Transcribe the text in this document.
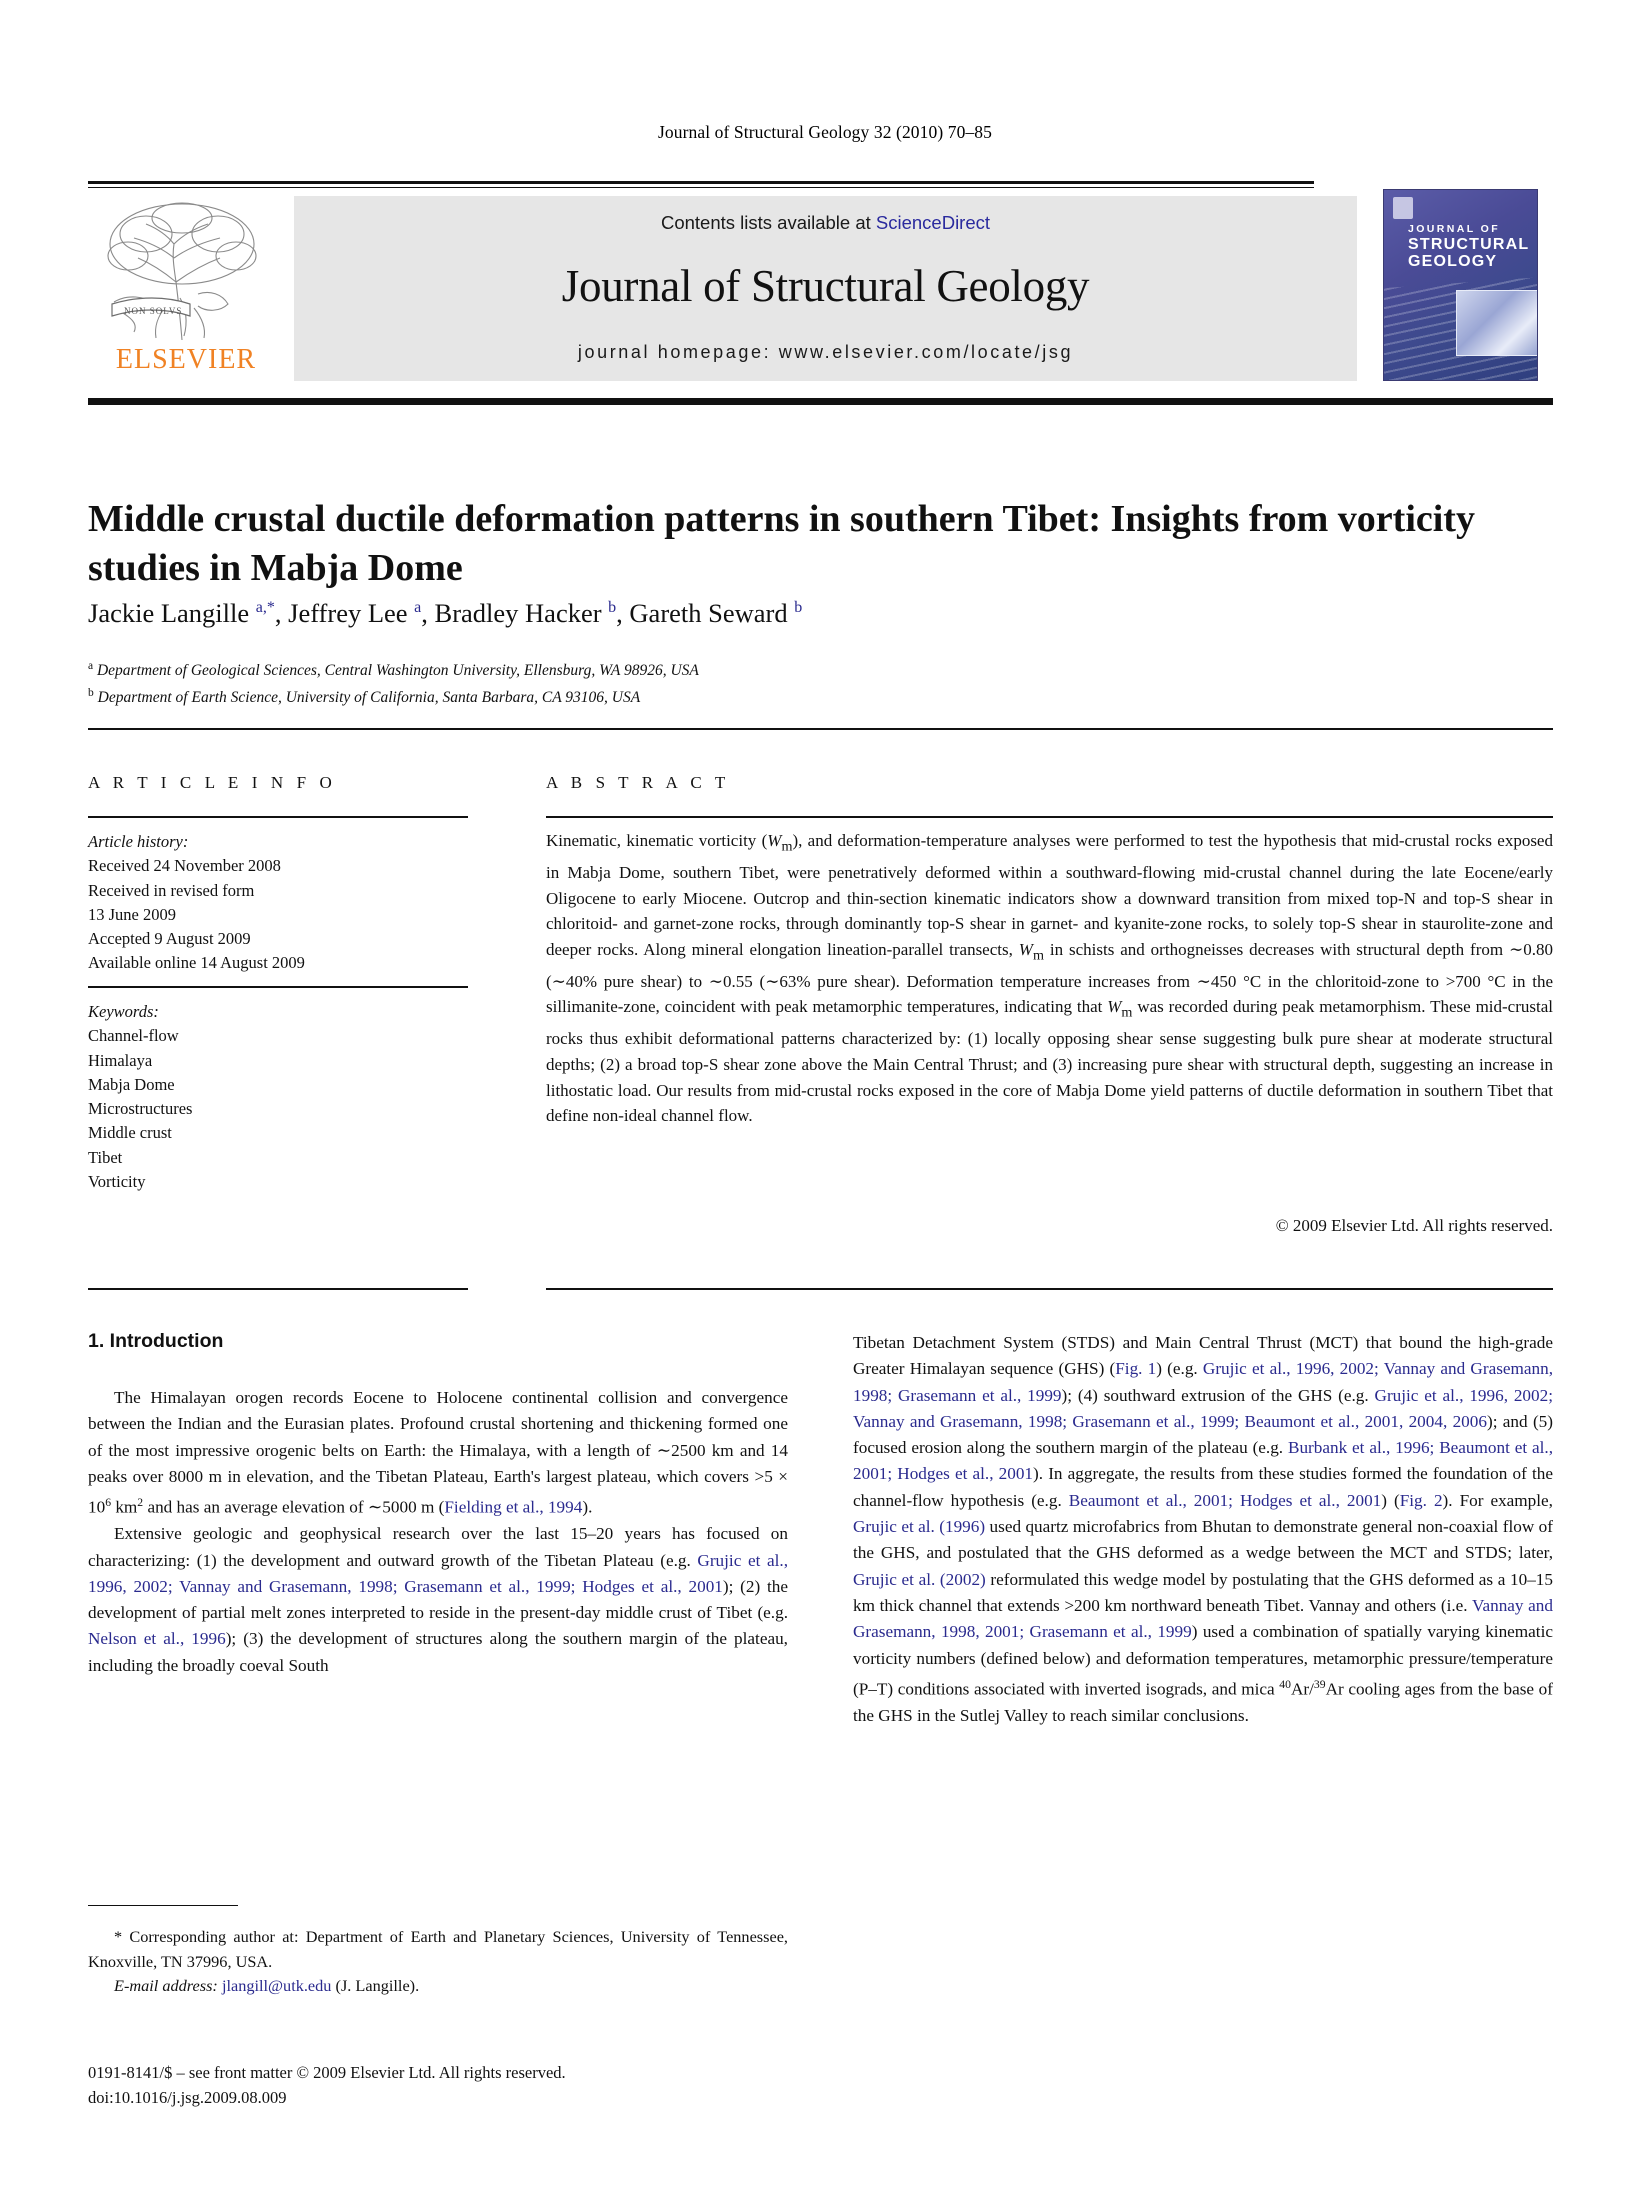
Journal of Structural Geology 32 (2010) 70–85
NON SOLVS
ELSEVIER
Contents lists available at ScienceDirect
Journal of Structural Geology
journal homepage: www.elsevier.com/locate/jsg
JOURNAL OF
STRUCTURAL GEOLOGY
Middle crustal ductile deformation patterns in southern Tibet: Insights from vorticity studies in Mabja Dome
Jackie Langille $^{a,*}$, Jeffrey Lee $^a$, Bradley Hacker $^b$, Gareth Seward $^b$
$^a$ Department of Geological Sciences, Central Washington University, Ellensburg, WA 98926, USA
$^b$ Department of Earth Science, University of California, Santa Barbara, CA 93106, USA
A R T I C L E I N F O	A B S T R A C T
Article history:
Received 24 November 2008
Received in revised form
13 June 2009
Accepted 9 August 2009
Available online 14 August 2009
Keywords:
Channel-flow
Himalaya
Mabja Dome
Microstructures
Middle crust
Tibet
Vorticity
Kinematic, kinematic vorticity $(W_m)$, and deformation-temperature analyses were performed to test the hypothesis that mid-crustal rocks exposed in Mabja Dome, southern Tibet, were penetratively deformed within a southward-flowing mid-crustal channel during the late Eocene/early Oligocene to early Miocene. Outcrop and thin-section kinematic indicators show a downward transition from mixed top-N and top-S shear in chloritoid- and garnet-zone rocks, through dominantly top-S shear in garnet- and kyanite-zone rocks, to solely top-S shear in staurolite-zone and deeper rocks. Along mineral elongation lineation-parallel transects, $W_m$ in schists and orthogneisses decreases with structural depth from ∼0.80 (∼40% pure shear) to ∼0.55 (∼63% pure shear). Deformation temperature increases from ∼450 °C in the chloritoid-zone to >700 °C in the sillimanite-zone, coincident with peak metamorphic temperatures, indicating that $W_m$ was recorded during peak metamorphism. These mid-crustal rocks thus exhibit deformational patterns characterized by: (1) locally opposing shear sense suggesting bulk pure shear at moderate structural depths; (2) a broad top-S shear zone above the Main Central Thrust; and (3) increasing pure shear with structural depth, suggesting an increase in lithostatic load. Our results from mid-crustal rocks exposed in the core of Mabja Dome yield patterns of ductile deformation in southern Tibet that define non-ideal channel flow.
© 2009 Elsevier Ltd. All rights reserved.
1. Introduction

The Himalayan orogen records Eocene to Holocene continental collision and convergence between the Indian and the Eurasian plates. Profound crustal shortening and thickening formed one of the most impressive orogenic belts on Earth: the Himalaya, with a length of ∼2500 km and 14 peaks over 8000 m in elevation, and the Tibetan Plateau, Earth's largest plateau, which covers $>5 \times 10^6$ $km^2$ and has an average elevation of ∼5000 m (Fielding et al., 1994).

Extensive geologic and geophysical research over the last 15–20 years has focused on characterizing: (1) the development and outward growth of the Tibetan Plateau (e.g. Grujic et al., 1996, 2002; Vannay and Grasemann, 1998; Grasemann et al., 1999; Hodges et al., 2001); (2) the development of partial melt zones interpreted to reside in the present-day middle crust of Tibet (e.g. Nelson et al., 1996); (3) the development of structures along the southern margin of the plateau, including the broadly coeval South

Tibetan Detachment System (STDS) and Main Central Thrust (MCT) that bound the high-grade Greater Himalayan sequence (GHS) (Fig. 1) (e.g. Grujic et al., 1996, 2002; Vannay and Grasemann, 1998; Grasemann et al., 1999); (4) southward extrusion of the GHS (e.g. Grujic et al., 1996, 2002; Vannay and Grasemann, 1998; Grasemann et al., 1999; Beaumont et al., 2001, 2004, 2006); and (5) focused erosion along the southern margin of the plateau (e.g. Burbank et al., 1996; Beaumont et al., 2001; Hodges et al., 2001). In aggregate, the results from these studies formed the foundation of the channel-flow hypothesis (e.g. Beaumont et al., 2001; Hodges et al., 2001) (Fig. 2). For example, Grujic et al. (1996) used quartz microfabrics from Bhutan to demonstrate general non-coaxial flow of the GHS, and postulated that the GHS deformed as a wedge between the MCT and STDS; later, Grujic et al. (2002) reformulated this wedge model by postulating that the GHS deformed as a 10–15 km thick channel that extends >200 km northward beneath Tibet. Vannay and others (i.e. Vannay and Grasemann, 1998, 2001; Grasemann et al., 1999) used a combination of spatially varying kinematic vorticity numbers (defined below) and deformation temperatures, metamorphic pressure/temperature (P–T) conditions associated with inverted isograds, and mica $^{40}$Ar/$^{39}$Ar cooling ages from the base of the GHS in the Sutlej Valley to reach similar conclusions.

* Corresponding author at: Department of Earth and Planetary Sciences, University of Tennessee, Knoxville, TN 37996, USA.

E-mail address: jlangill@utk.edu (J. Langille).

0191-8141/$ – see front matter © 2009 Elsevier Ltd. All rights reserved.
doi:10.1016/j.jsg.2009.08.009
